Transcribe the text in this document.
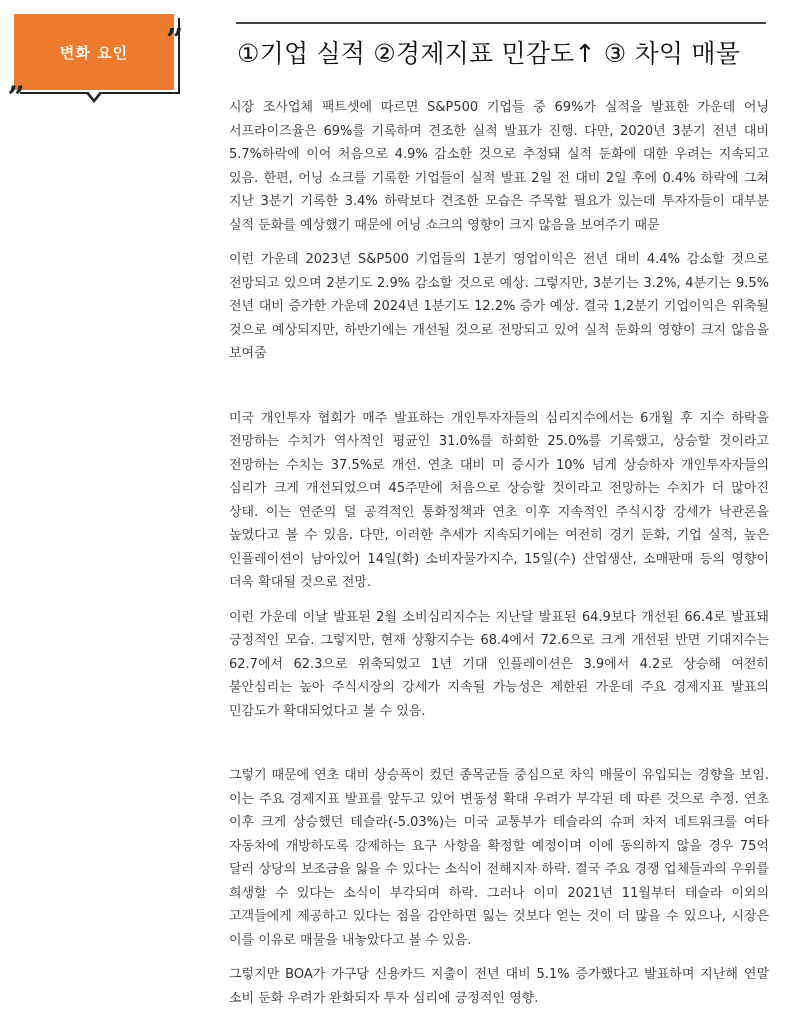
변화 요인	”
„
①기업 실적 ②경제지표 민감도↑ ③ 차익 매물

시장 조사업체 팩트셋에 따르면 S&P500 기업들 중 69%가 실적을 발표한 가운데 어닝 서프라이즈율은 69%를 기록하며 견조한 실적 발표가 진행. 다만, 2020년 3분기 전년 대비 5.7%하락에 이어 처음으로 4.9% 감소한 것으로 추정돼 실적 둔화에 대한 우려는 지속되고 있음. 한편, 어닝 쇼크를 기록한 기업들이 실적 발표 2일 전 대비 2일 후에 0.4% 하락에 그쳐 지난 3분기 기록한 3.4% 하락보다 견조한 모습은 주목할 필요가 있는데 투자자들이 대부분 실적 둔화를 예상했기 때문에 어닝 쇼크의 영향이 크지 않음을 보여주기 때문

이런 가운데 2023년 S&P500 기업들의 1분기 영업이익은 전년 대비 4.4% 감소할 것으로 전망되고 있으며 2분기도 2.9% 감소할 것으로 예상. 그렇지만, 3분기는 3.2%, 4분기는 9.5% 전년 대비 증가한 가운데 2024년 1분기도 12.2% 증가 예상. 결국 1,2분기 기업이익은 위축될 것으로 예상되지만, 하반기에는 개선될 것으로 전망되고 있어 실적 둔화의 영향이 크지 않음을 보여줌

미국 개인투자 협회가 매주 발표하는 개인투자자들의 심리지수에서는 6개월 후 지수 하락을 전망하는 수치가 역사적인 평균인 31.0%를 하회한 25.0%를 기록했고, 상승할 것이라고 전망하는 수치는 37.5%로 개선. 연초 대비 미 증시가 10% 넘게 상승하자 개인투자자들의 심리가 크게 개선되었으며 45주만에 처음으로 상승할 것이라고 전망하는 수치가 더 많아진 상태. 이는 연준의 덜 공격적인 통화정책과 연초 이후 지속적인 주식시장 강세가 낙관론을 높였다고 볼 수 있음. 다만, 이러한 추세가 지속되기에는 여전히 경기 둔화, 기업 실적, 높은 인플레이션이 남아있어 14일(화) 소비자물가지수, 15일(수) 산업생산, 소매판매 등의 영향이 더욱 확대될 것으로 전망.

이런 가운데 이날 발표된 2월 소비심리지수는 지난달 발표된 64.9보다 개선된 66.4로 발표돼 긍정적인 모습. 그렇지만, 현재 상황지수는 68.4에서 72.6으로 크게 개선된 반면 기대지수는 62.7에서 62.3으로 위축되었고 1년 기대 인플레이션은 3.9에서 4.2로 상승해 여전히 불안심리는 높아 주식시장의 강세가 지속될 가능성은 제한된 가운데 주요 경제지표 발표의 민감도가 확대되었다고 볼 수 있음.

그렇기 때문에 연초 대비 상승폭이 컸던 종목군들 중심으로 차익 매물이 유입되는 경향을 보임. 이는 주요 경제지표 발표를 앞두고 있어 변동성 확대 우려가 부각된 데 따른 것으로 추정. 연초 이후 크게 상승했던 테슬라(-5.03%)는 미국 교통부가 테슬라의 슈퍼 차저 네트워크를 여타 자동차에 개방하도록 강제하는 요구 사항을 확정할 예정이며 이에 동의하지 않을 경우 75억 달러 상당의 보조금을 잃을 수 있다는 소식이 전해지자 하락. 결국 주요 경쟁 업체들과의 우위를 희생할 수 있다는 소식이 부각되며 하락. 그러나 이미 2021년 11월부터 테슬라 이외의 고객들에게 제공하고 있다는 점을 감안하면 잃는 것보다 얻는 것이 더 많을 수 있으나, 시장은 이를 이유로 매물을 내놓았다고 볼 수 있음.

그렇지만 BOA가 가구당 신용카드 지출이 전년 대비 5.1% 증가했다고 발표하며 지난해 연말 소비 둔화 우려가 완화되자 투자 심리에 긍정적인 영향.
